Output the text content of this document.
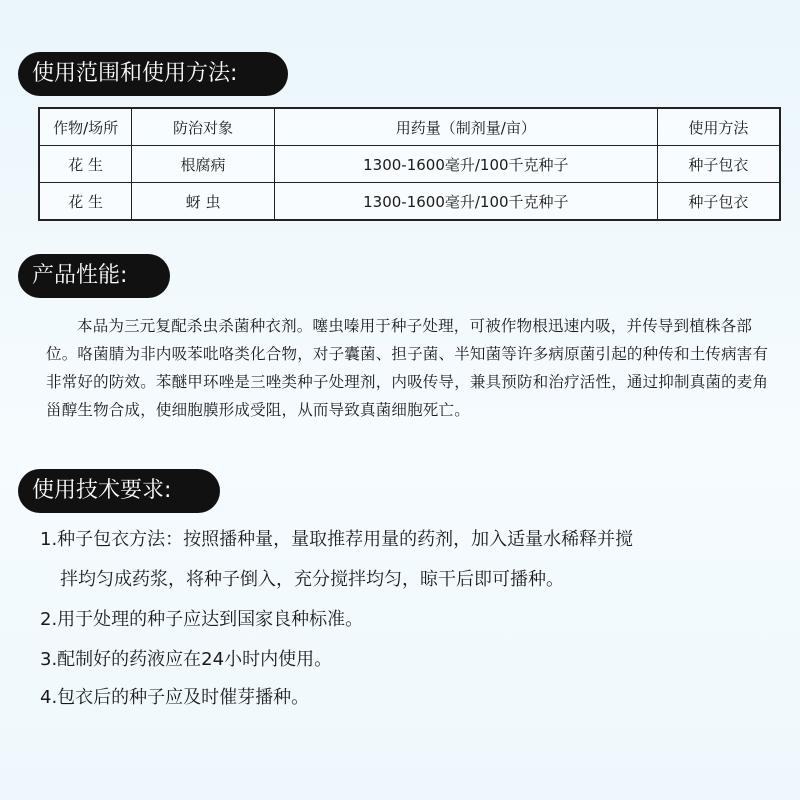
使用范围和使用方法:
作物/场所	防治对象	用药量（制剂量/亩）	使用方法
花 生	根腐病	1300-1600毫升/100千克种子	种子包衣
花 生	蚜 虫	1300-1600毫升/100千克种子	种子包衣
产品性能:
本品为三元复配杀虫杀菌种衣剂。噻虫嗪用于种子处理，可被作物根迅速内吸，并传导到植株各部位。咯菌腈为非内吸苯吡咯类化合物，对子囊菌、担子菌、半知菌等许多病原菌引起的种传和土传病害有非常好的防效。苯醚甲环唑是三唑类种子处理剂，内吸传导，兼具预防和治疗活性，通过抑制真菌的麦角甾醇生物合成，使细胞膜形成受阻，从而导致真菌细胞死亡。
使用技术要求:
1.种子包衣方法：按照播种量，量取推荐用量的药剂，加入适量水稀释并搅
拌均匀成药浆，将种子倒入，充分搅拌均匀，晾干后即可播种。
2.用于处理的种子应达到国家良种标准。
3.配制好的药液应在24小时内使用。
4.包衣后的种子应及时催芽播种。
